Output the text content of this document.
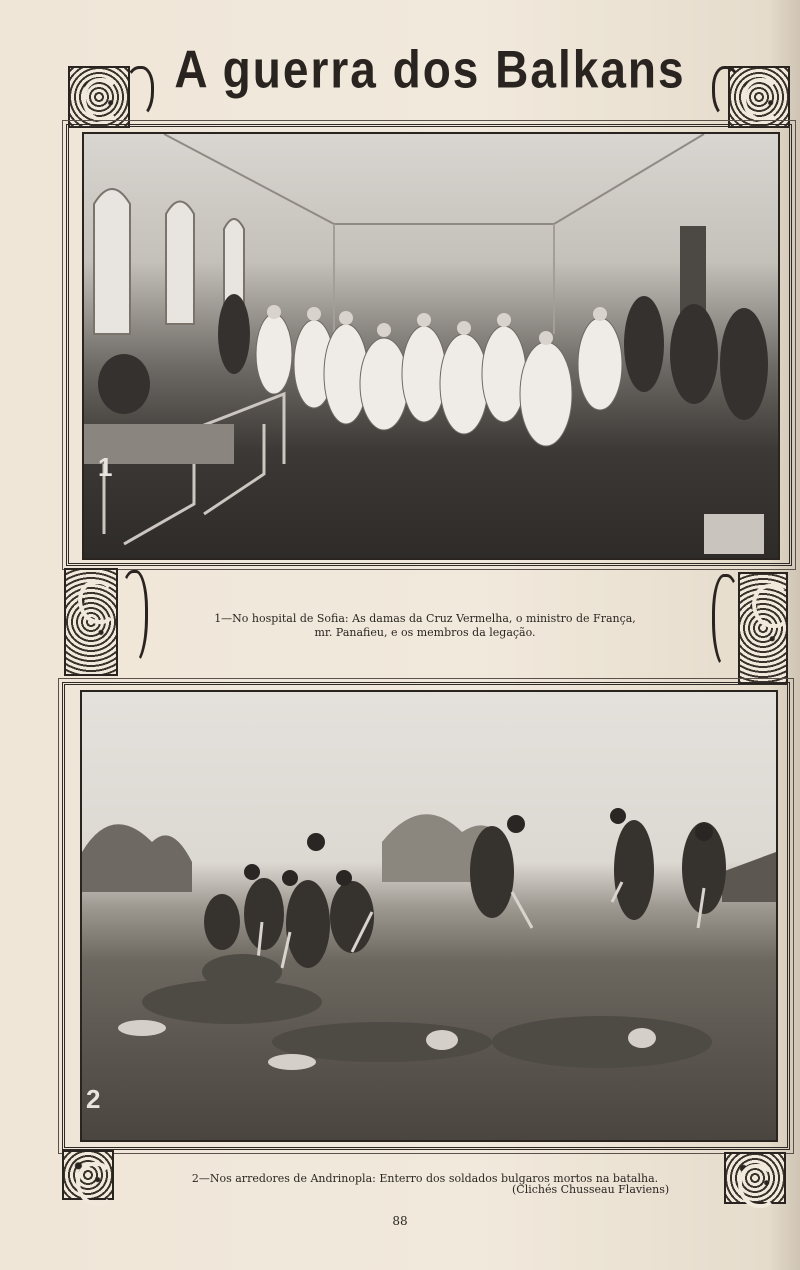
A guerra dos Balkans
1
1—No hospital de Sofia: As damas da Cruz Vermelha, o ministro de França,
mr. Panafieu, e os membros da legação.
2
2—Nos arredores de Andrinopla: Enterro dos soldados bulgaros mortos na batalha.
(Clichés Chusseau Flaviens)
88
